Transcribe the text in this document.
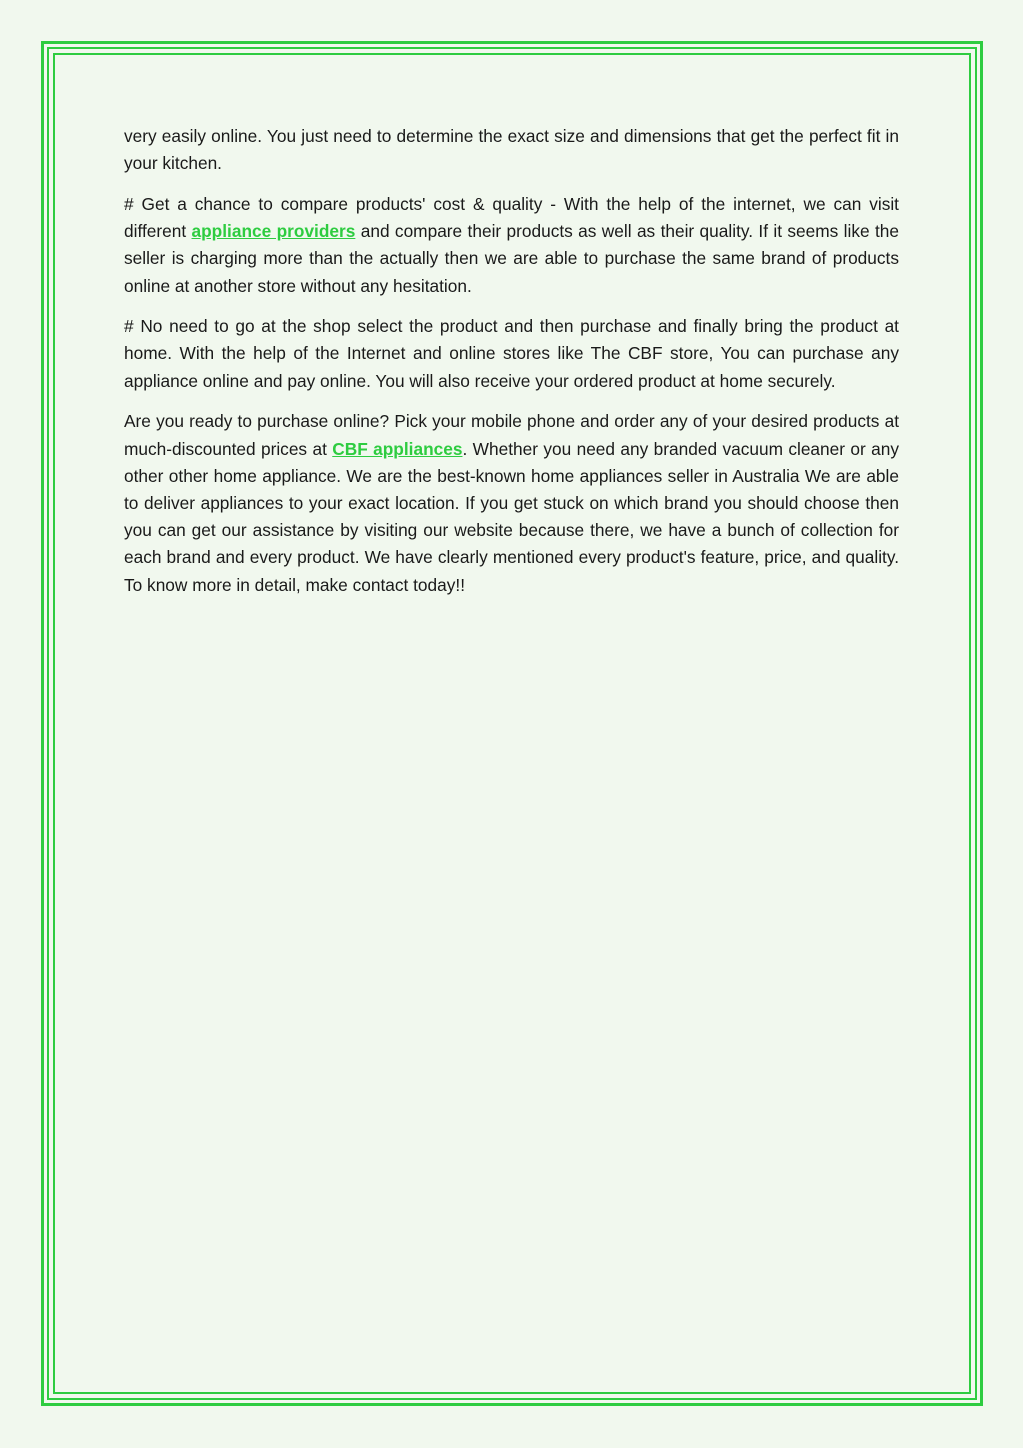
very easily online. You just need to determine the exact size and dimensions that get the perfect fit in your kitchen.

# Get a chance to compare products' cost & quality - With the help of the internet, we can visit different appliance providers and compare their products as well as their quality. If it seems like the seller is charging more than the actually then we are able to purchase the same brand of products online at another store without any hesitation.

# No need to go at the shop select the product and then purchase and finally bring the product at home. With the help of the Internet and online stores like The CBF store, You can purchase any appliance online and pay online. You will also receive your ordered product at home securely.

Are you ready to purchase online? Pick your mobile phone and order any of your desired products at much-discounted prices at CBF appliances. Whether you need any branded vacuum cleaner or any other other home appliance. We are the best-known home appliances seller in Australia We are able to deliver appliances to your exact location. If you get stuck on which brand you should choose then you can get our assistance by visiting our website because there, we have a bunch of collection for each brand and every product. We have clearly mentioned every product's feature, price, and quality. To know more in detail, make contact today!!
